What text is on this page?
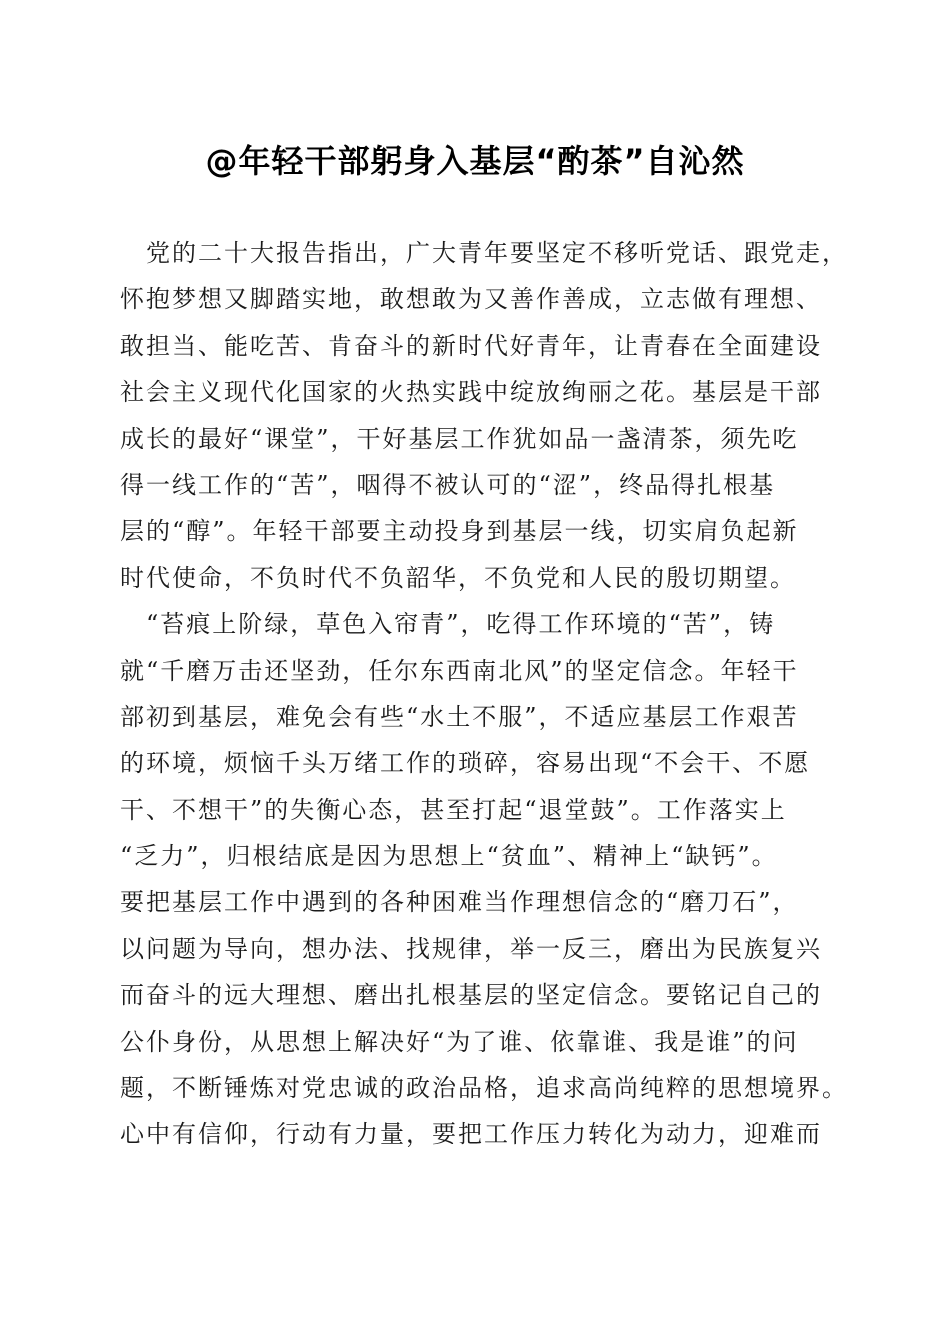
@年轻干部躬身入基层“酌茶”自沁然
　党的二十大报告指出，广大青年要坚定不移听党话、跟党走，
怀抱梦想又脚踏实地，敢想敢为又善作善成，立志做有理想、
敢担当、能吃苦、肯奋斗的新时代好青年，让青春在全面建设
社会主义现代化国家的火热实践中绽放绚丽之花。基层是干部
成长的最好“课堂”，干好基层工作犹如品一盏清茶，须先吃
得一线工作的“苦”，咽得不被认可的“涩”，终品得扎根基
层的“醇”。年轻干部要主动投身到基层一线，切实肩负起新
时代使命，不负时代不负韶华，不负党和人民的殷切期望。
　“苔痕上阶绿，草色入帘青”，吃得工作环境的“苦”，铸
就“千磨万击还坚劲，任尔东西南北风”的坚定信念。年轻干
部初到基层，难免会有些“水土不服”，不适应基层工作艰苦
的环境，烦恼千头万绪工作的琐碎，容易出现“不会干、不愿
干、不想干”的失衡心态，甚至打起“退堂鼓”。工作落实上
“乏力”，归根结底是因为思想上“贫血”、精神上“缺钙”。
要把基层工作中遇到的各种困难当作理想信念的“磨刀石”，
以问题为导向，想办法、找规律，举一反三，磨出为民族复兴
而奋斗的远大理想、磨出扎根基层的坚定信念。要铭记自己的
公仆身份，从思想上解决好“为了谁、依靠谁、我是谁”的问
题，不断锤炼对党忠诚的政治品格，追求高尚纯粹的思想境界。
心中有信仰，行动有力量，要把工作压力转化为动力，迎难而
